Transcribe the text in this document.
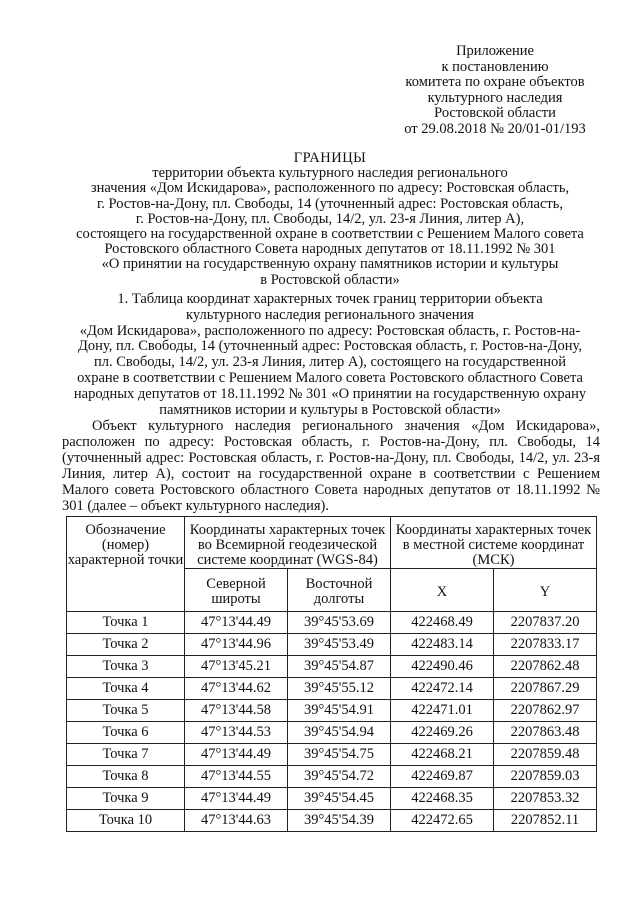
Приложение
к постановлению
комитета по охране объектов
культурного наследия
Ростовской области
от 29.08.2018 № 20/01-01/193
ГРАНИЦЫ
территории объекта культурного наследия регионального
значения «Дом Искидарова», расположенного по адресу: Ростовская область,
г. Ростов-на-Дону, пл. Свободы, 14 (уточненный адрес: Ростовская область,
г. Ростов-на-Дону, пл. Свободы, 14/2, ул. 23-я Линия, литер А),
состоящего на государственной охране в соответствии с Решением Малого совета
Ростовского областного Совета народных депутатов от 18.11.1992 № 301
«О принятии на государственную охрану памятников истории и культуры
в Ростовской области»
1. Таблица координат характерных точек границ территории объекта
культурного наследия регионального значения
«Дом Искидарова», расположенного по адресу: Ростовская область, г. Ростов-на-
Дону, пл. Свободы, 14 (уточненный адрес: Ростовская область, г. Ростов-на-Дону,
пл. Свободы, 14/2, ул. 23-я Линия, литер А), состоящего на государственной
охране в соответствии с Решением Малого совета Ростовского областного Совета
народных депутатов от 18.11.1992 № 301 «О принятии на государственную охрану
памятников истории и культуры в Ростовской области»
Объект культурного наследия регионального значения «Дом Искидарова», расположен по адресу: Ростовская область, г. Ростов-на-Дону, пл. Свободы, 14 (уточненный адрес: Ростовская область, г. Ростов-на-Дону, пл. Свободы, 14/2, ул. 23-я Линия, литер А), состоит на государственной охране в соответствии с Решением Малого совета Ростовского областного Совета народных депутатов от 18.11.1992 № 301 (далее – объект культурного наследия).
Обозначение (номер) характерной точки	Координаты характерных точек во Всемирной геодезической системе координат (WGS-84)		Координаты характерных точек в местной системе координат (МСК)	
	Северной широты	Восточной долготы	X	Y
Точка 1	47°13'44.49	39°45'53.69	422468.49	2207837.20
Точка 2	47°13'44.96	39°45'53.49	422483.14	2207833.17
Точка 3	47°13'45.21	39°45'54.87	422490.46	2207862.48
Точка 4	47°13'44.62	39°45'55.12	422472.14	2207867.29
Точка 5	47°13'44.58	39°45'54.91	422471.01	2207862.97
Точка 6	47°13'44.53	39°45'54.94	422469.26	2207863.48
Точка 7	47°13'44.49	39°45'54.75	422468.21	2207859.48
Точка 8	47°13'44.55	39°45'54.72	422469.87	2207859.03
Точка 9	47°13'44.49	39°45'54.45	422468.35	2207853.32
Точка 10	47°13'44.63	39°45'54.39	422472.65	2207852.11
